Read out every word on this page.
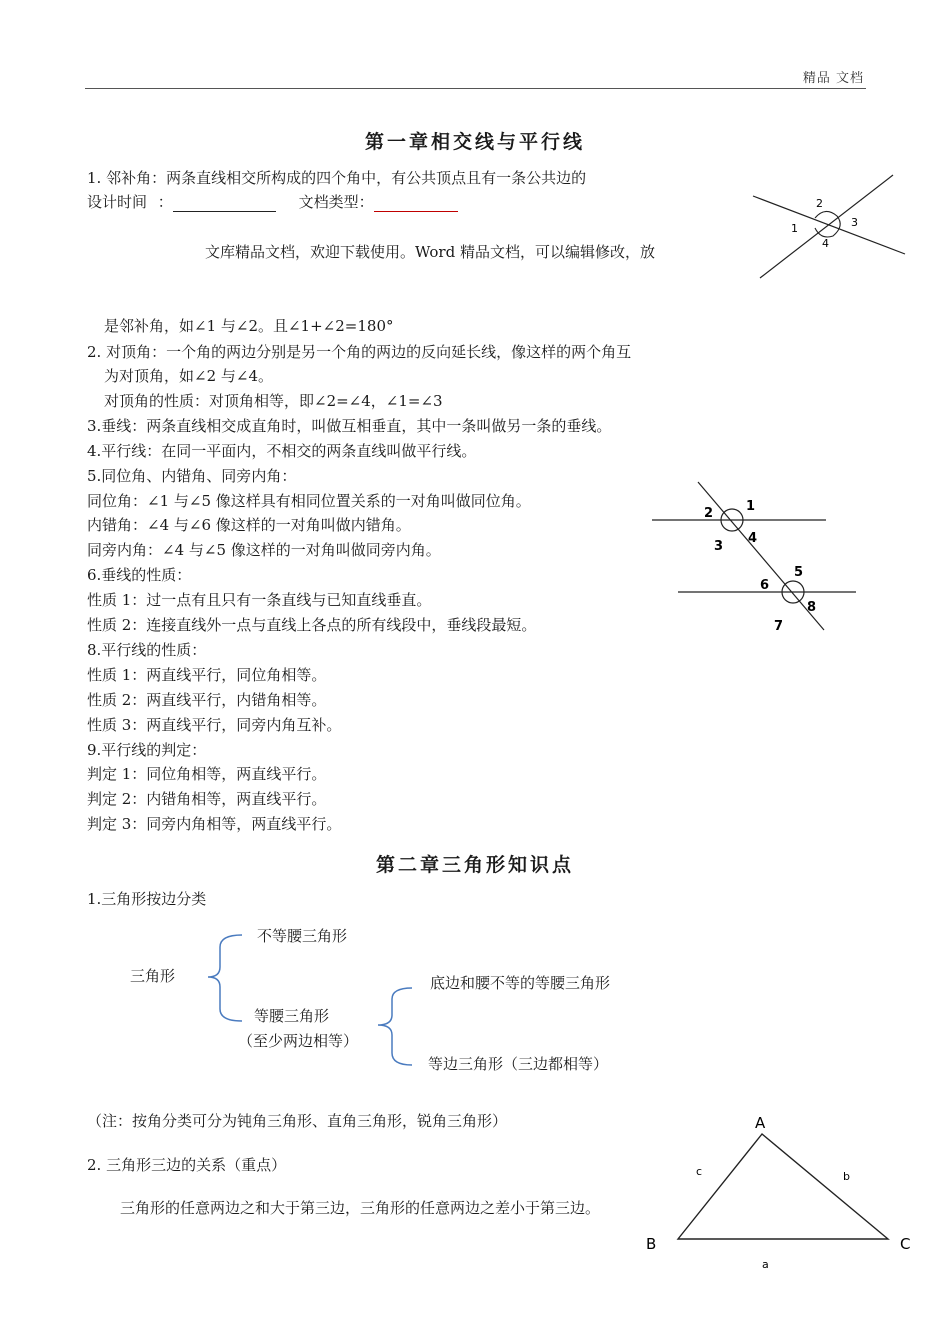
精品 文档
第一章相交线与平行线
1. 邻补角：两条直线相交所构成的四个角中，有公共顶点且有一条公共边的
设计时间 ：	文档类型：
文库精品文档，欢迎下载使用。Word 精品文档，可以编辑修改，放
是邻补角，如∠1 与∠2。且∠1+∠2=180°
2. 对顶角：一个角的两边分别是另一个角的两边的反向延长线，像这样的两个角互
为对顶角，如∠2 与∠4。
对顶角的性质：对顶角相等，即∠2=∠4，∠1=∠3
3.垂线：两条直线相交成直角时，叫做互相垂直，其中一条叫做另一条的垂线。
4.平行线：在同一平面内，不相交的两条直线叫做平行线。
5.同位角、内错角、同旁内角：
同位角：∠1 与∠5 像这样具有相同位置关系的一对角叫做同位角。
内错角：∠4 与∠6 像这样的一对角叫做内错角。
同旁内角：∠4 与∠5 像这样的一对角叫做同旁内角。
6.垂线的性质：
性质 1：过一点有且只有一条直线与已知直线垂直。
性质 2：连接直线外一点与直线上各点的所有线段中，垂线段最短。
8.平行线的性质：
性质 1：两直线平行，同位角相等。
性质 2：两直线平行，内错角相等。
性质 3：两直线平行，同旁内角互补。
9.平行线的判定：
判定 1：同位角相等，两直线平行。
判定 2：内错角相等，两直线平行。
判定 3：同旁内角相等，两直线平行。
2
3
1
4
1
2
3
4
5
6
7
8
第二章三角形知识点
1.三角形按边分类
三角形
不等腰三角形
等腰三角形
（至少两边相等）
底边和腰不等的等腰三角形
等边三角形（三边都相等）
（注：按角分类可分为钝角三角形、直角三角形，锐角三角形）
2. 三角形三边的关系（重点）
三角形的任意两边之和大于第三边，三角形的任意两边之差小于第三边。
A
B	C
c	b
a
